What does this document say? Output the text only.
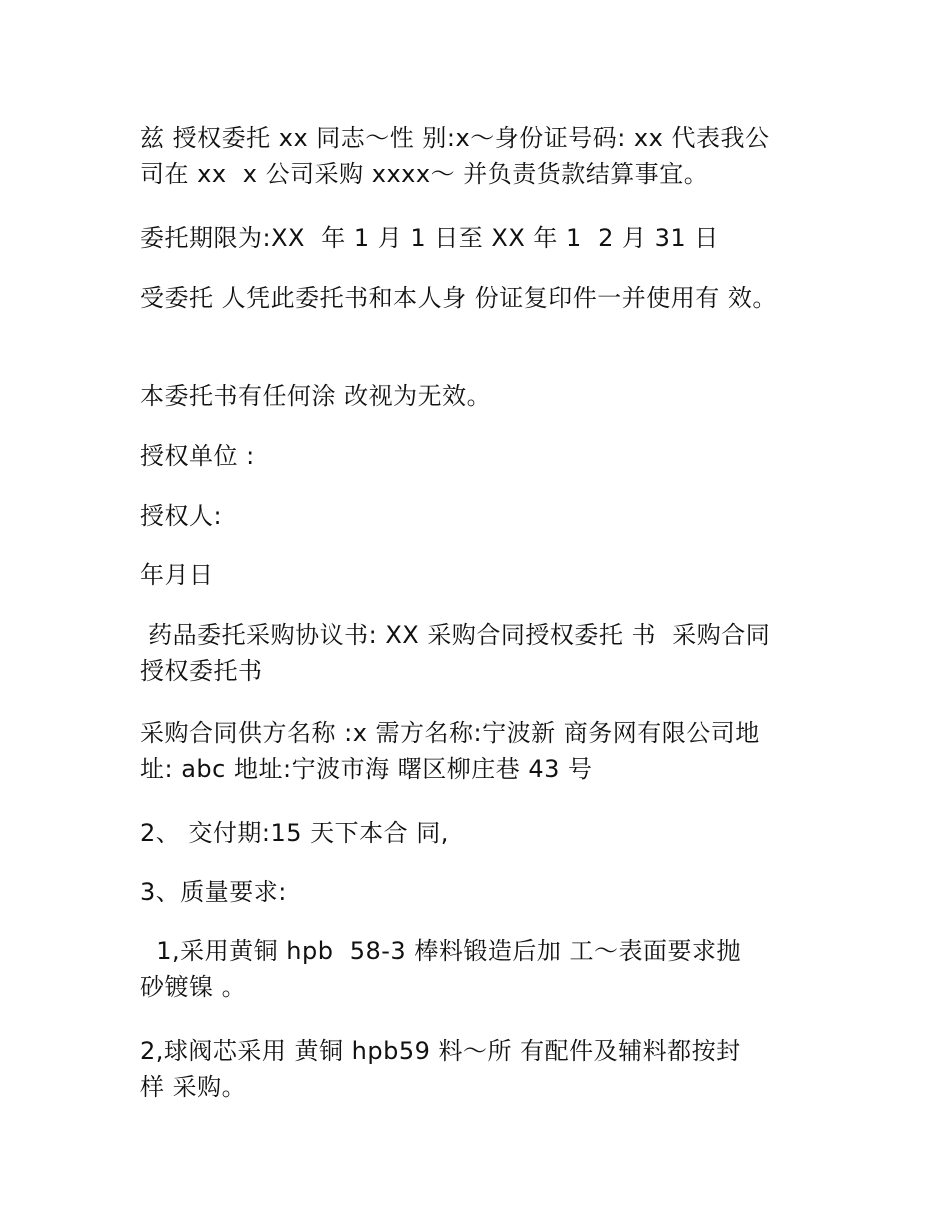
兹 授权委托 xx 同志～性 别:x～身份证号码: xx 代表我公
司在 xx  x 公司采购 xxxx～ 并负责货款结算事宜。

委托期限为:XX  年 1 月 1 日至 XX 年 1  2 月 31 日

受委托 人凭此委托书和本人身 份证复印件一并使用有 效。

本委托书有任何涂 改视为无效。

授权单位 :

授权人:

年月日

药品委托采购协议书: XX 采购合同授权委托 书  采购合同
授权委托书

采购合同供方名称 :x 需方名称:宁波新 商务网有限公司地
址: abc 地址:宁波市海 曙区柳庄巷 43 号

2、 交付期:15 天下本合 同,

3、质量要求:

1,采用黄铜 hpb  58-3 棒料锻造后加 工～表面要求抛
砂镀镍 。

2,球阀芯采用 黄铜 hpb59 料～所 有配件及辅料都按封
样 采购。
